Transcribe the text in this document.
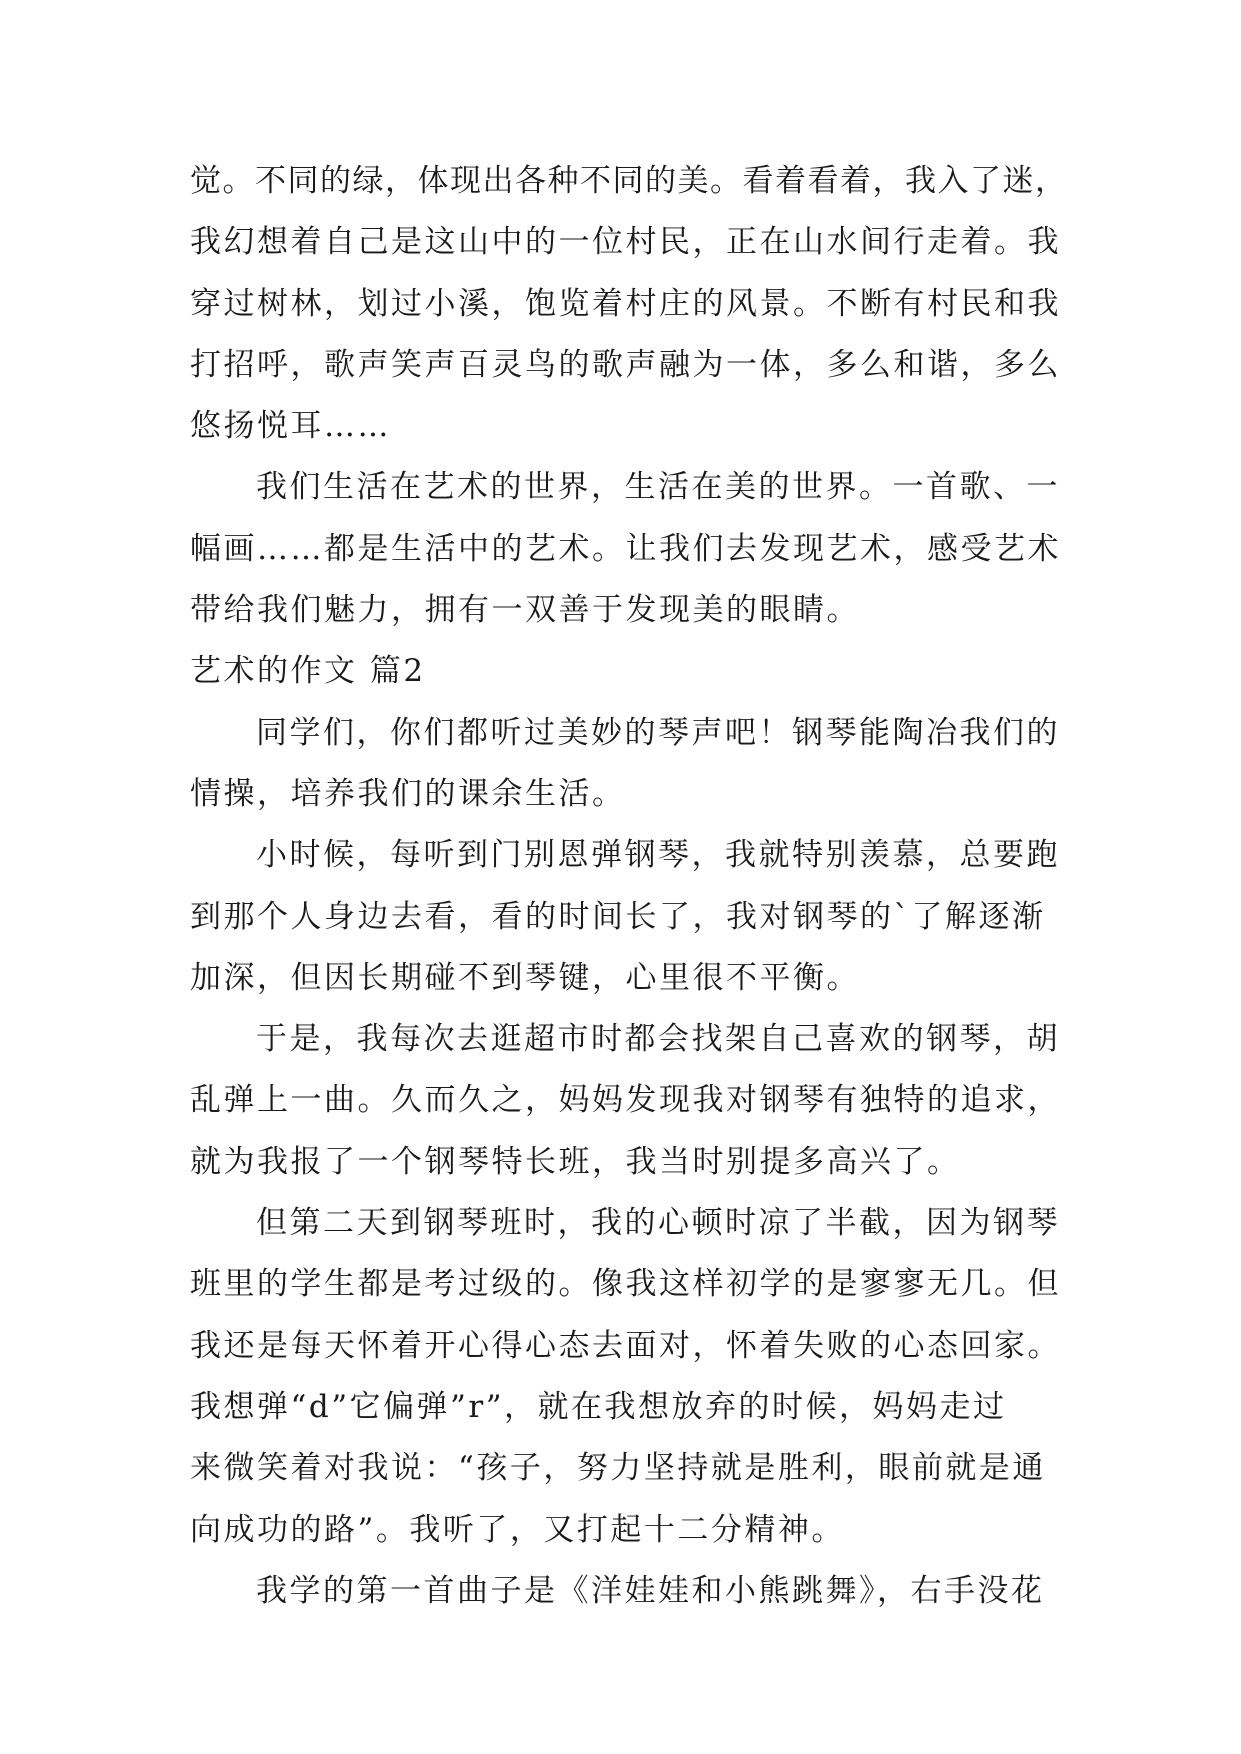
觉。不同的绿，体现出各种不同的美。看着看着，我入了迷，
我幻想着自己是这山中的一位村民，正在山水间行走着。我
穿过树林，划过小溪，饱览着村庄的风景。不断有村民和我
打招呼，歌声笑声百灵鸟的歌声融为一体，多么和谐，多么
悠扬悦耳……
我们生活在艺术的世界，生活在美的世界。一首歌、一
幅画……都是生活中的艺术。让我们去发现艺术，感受艺术
带给我们魅力，拥有一双善于发现美的眼睛。
艺术的作文 篇2
同学们，你们都听过美妙的琴声吧！钢琴能陶冶我们的
情操，培养我们的课余生活。
小时候，每听到门别恩弹钢琴，我就特别羡慕，总要跑
到那个人身边去看，看的时间长了，我对钢琴的`了解逐渐
加深，但因长期碰不到琴键，心里很不平衡。
于是，我每次去逛超市时都会找架自己喜欢的钢琴，胡
乱弹上一曲。久而久之，妈妈发现我对钢琴有独特的追求，
就为我报了一个钢琴特长班，我当时别提多高兴了。
但第二天到钢琴班时，我的心顿时凉了半截，因为钢琴
班里的学生都是考过级的。像我这样初学的是寥寥无几。但
我还是每天怀着开心得心态去面对，怀着失败的心态回家。
我想弹“d”它偏弹”r”，就在我想放弃的时候，妈妈走过
来微笑着对我说：“孩子，努力坚持就是胜利，眼前就是通
向成功的路”。我听了，又打起十二分精神。
我学的第一首曲子是《洋娃娃和小熊跳舞》，右手没花
